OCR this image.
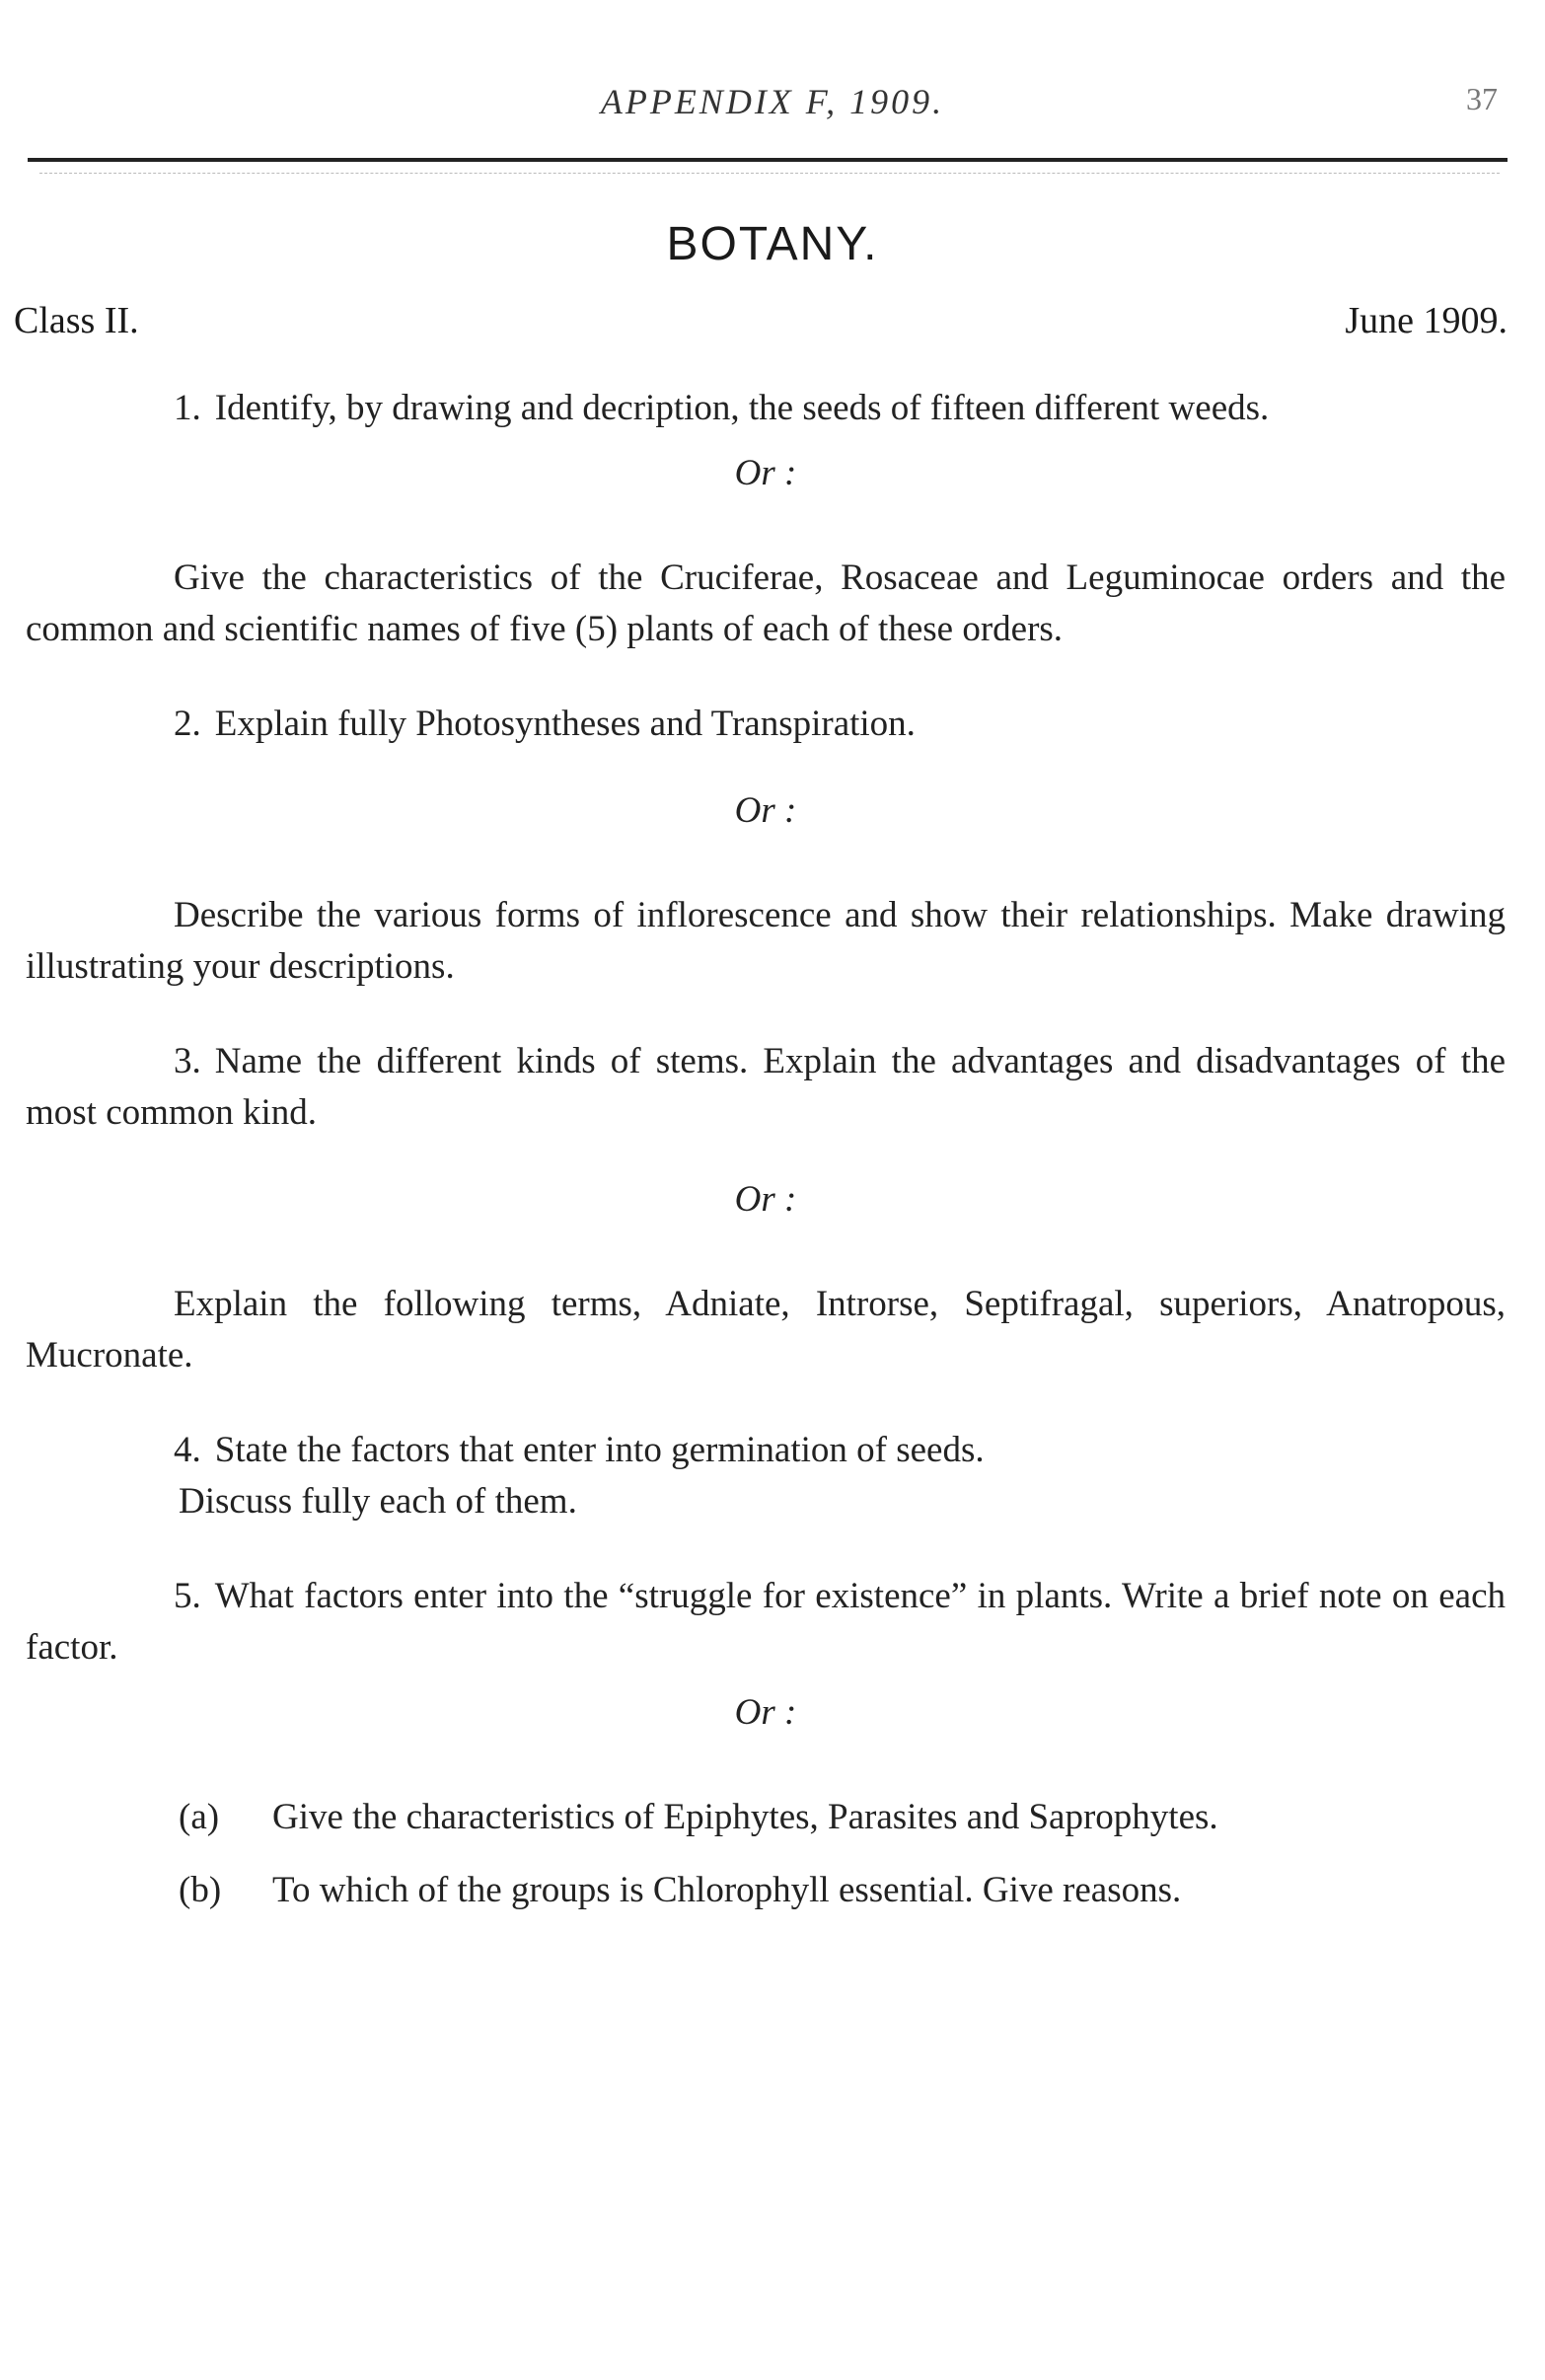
APPENDIX F, 1909.	37
BOTANY.
Class II.	June 1909.

1. Identify, by drawing and decription, the seeds of fifteen different weeds.

Or :

Give the characteristics of the Cruciferae, Rosaceae and Leguminocae orders and the common and scientific names of five (5) plants of each of these orders.

2. Explain fully Photosyntheses and Transpiration.

Or :

Describe the various forms of inflorescence and show their relationships. Make drawing illustrating your descriptions.

3. Name the different kinds of stems. Explain the advantages and disadvantages of the most common kind.

Or :

Explain the following terms, Adniate, Introrse, Septifragal, superiors, Anatropous, Mucronate.

4. State the factors that enter into germination of seeds.

Discuss fully each of them.

5. What factors enter into the “struggle for existence” in plants. Write a brief note on each factor.

Or :

(a) Give the characteristics of Epiphytes, Parasites and Saprophytes.

(b) To which of the groups is Chlorophyll essential. Give reasons.
